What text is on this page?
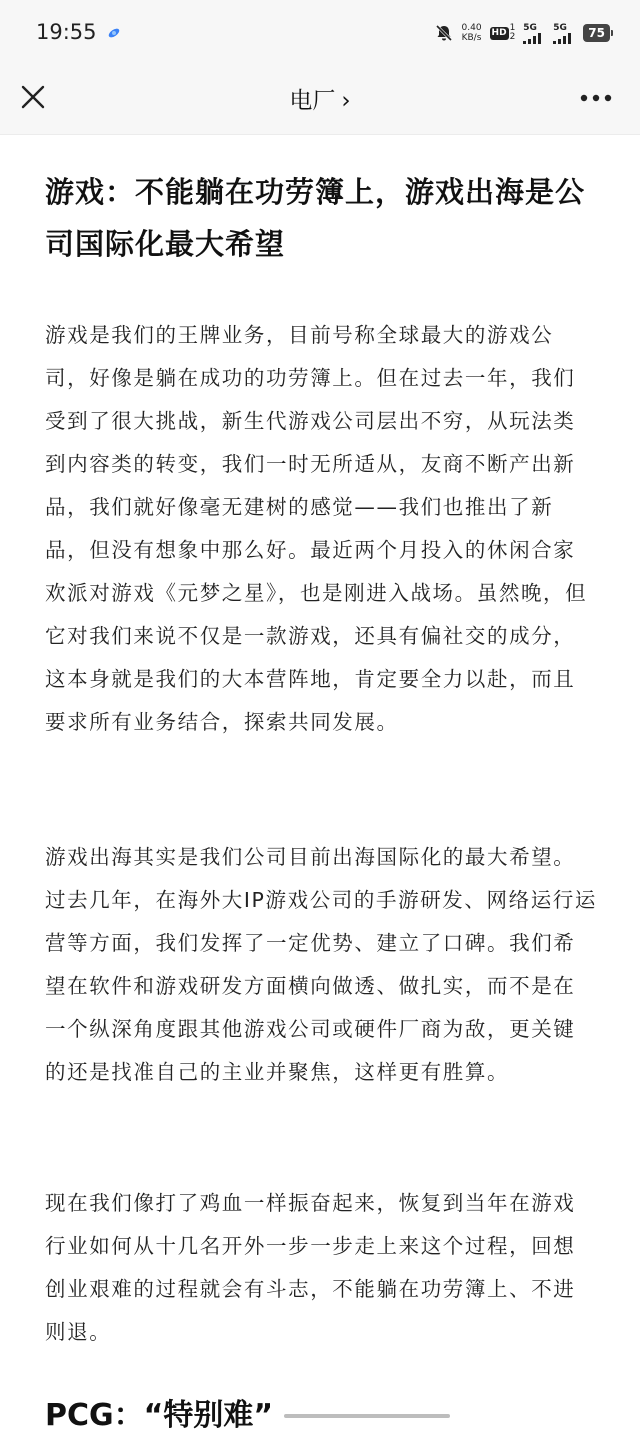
19:55	0.40
KB/s
HD 1
2
5G 5G	75
电厂 ›
游戏：不能躺在功劳簿上，游戏出海是公司国际化最大希望

游戏是我们的王牌业务，目前号称全球最大的游戏公司，好像是躺在成功的功劳簿上。但在过去一年，我们受到了很大挑战，新生代游戏公司层出不穷，从玩法类到内容类的转变，我们一时无所适从，友商不断产出新品，我们就好像毫无建树的感觉——我们也推出了新品，但没有想象中那么好。最近两个月投入的休闲合家欢派对游戏《元梦之星》，也是刚进入战场。虽然晚，但它对我们来说不仅是一款游戏，还具有偏社交的成分，这本身就是我们的大本营阵地，肯定要全力以赴，而且要求所有业务结合，探索共同发展。

游戏出海其实是我们公司目前出海国际化的最大希望。过去几年，在海外大IP游戏公司的手游研发、网络运行运营等方面，我们发挥了一定优势、建立了口碑。我们希望在软件和游戏研发方面横向做透、做扎实，而不是在一个纵深角度跟其他游戏公司或硬件厂商为敌，更关键的还是找准自己的主业并聚焦，这样更有胜算。

现在我们像打了鸡血一样振奋起来，恢复到当年在游戏行业如何从十几名开外一步一步走上来这个过程，回想创业艰难的过程就会有斗志，不能躺在功劳簿上、不进则退。

PCG：“特别难”
